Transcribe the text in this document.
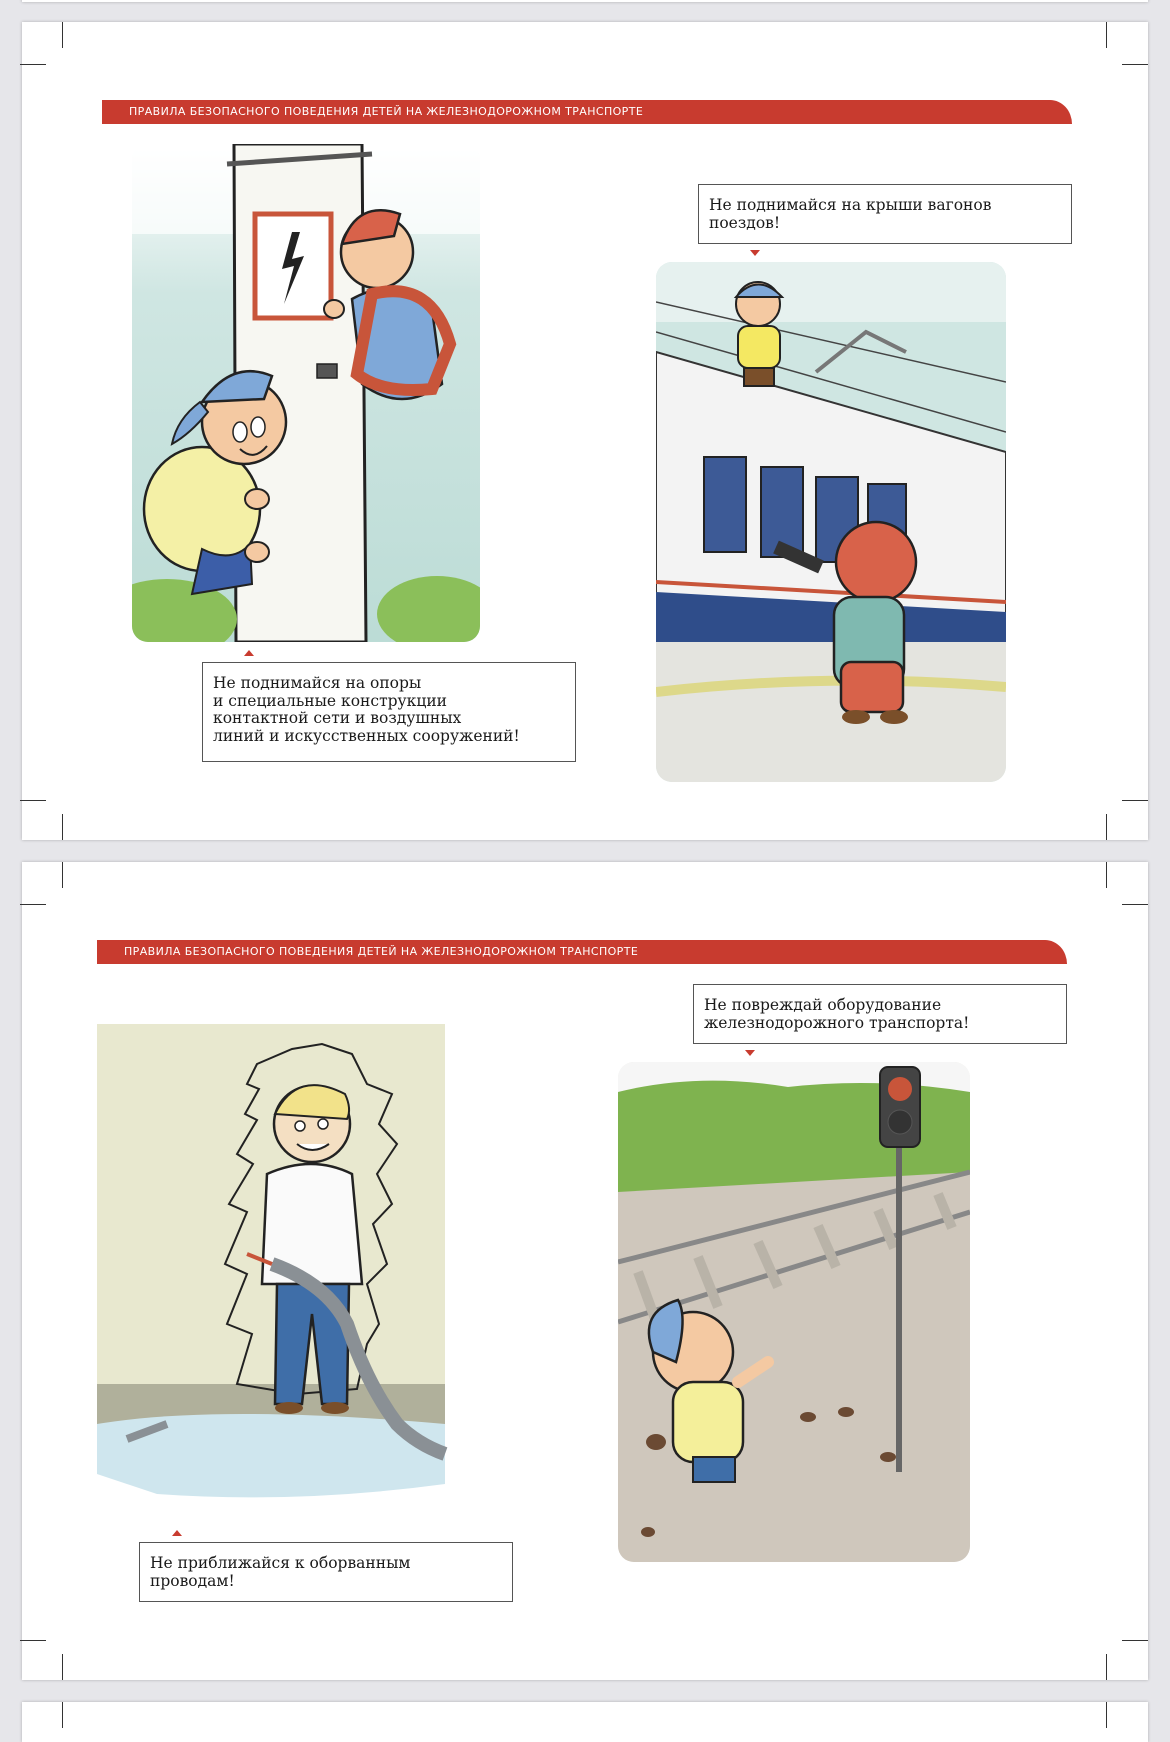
ПРАВИЛА БЕЗОПАСНОГО ПОВЕДЕНИЯ ДЕТЕЙ НА ЖЕЛЕЗНОДОРОЖНОМ ТРАНСПОРТЕ
Не поднимайся на опоры
и специальные конструкции
контактной сети и воздушных
линий и искусственных сооружений!
Не поднимайся на крыши вагонов
поездов!
ПРАВИЛА БЕЗОПАСНОГО ПОВЕДЕНИЯ ДЕТЕЙ НА ЖЕЛЕЗНОДОРОЖНОМ ТРАНСПОРТЕ
Не приближайся к оборванным
проводам!
Не повреждай оборудование
железнодорожного транспорта!
